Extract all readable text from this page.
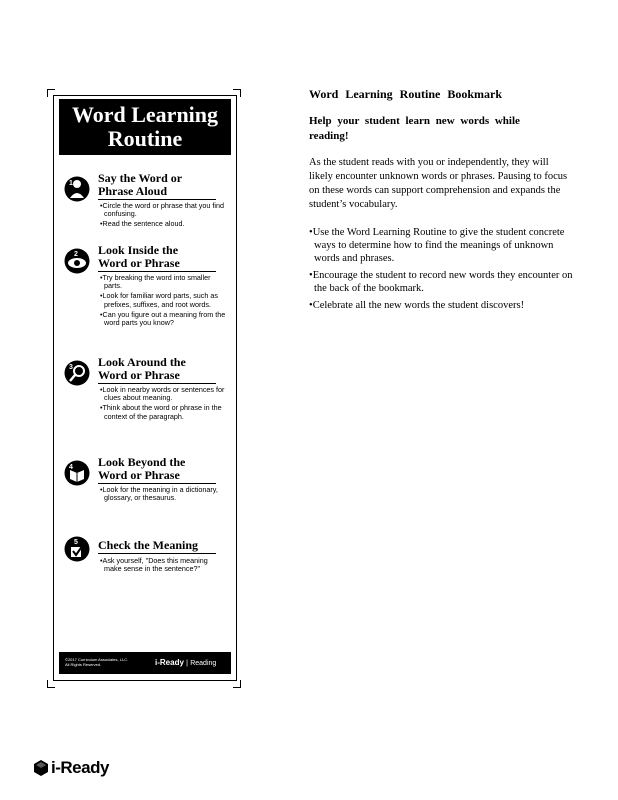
Word Learning
Routine
1 Say the Word or
Phrase Aloud
• Circle the word or phrase that you find confusing.
• Read the sentence aloud.
2 Look Inside the
Word or Phrase
• Try breaking the word into smaller parts.
• Look for familiar word parts, such as prefixes, suffixes, and root words.
• Can you figure out a meaning from the word parts you know?
3 Look Around the
Word or Phrase
• Look in nearby words or sentences for clues about meaning.
• Think about the word or phrase in the context of the paragraph.
4 Look Beyond the
Word or Phrase
• Look for the meaning in a dictionary, glossary, or thesaurus.
5 Check the Meaning
• Ask yourself, "Does this meaning make sense in the sentence?"
©2017 Curriculum Associates, LLC.
All Rights Reserved.	i-Ready | Reading

Word Learning Routine Bookmark

Help your student learn new words while reading!

As the student reads with you or independently, they will likely encounter unknown words or phrases. Pausing to focus on these words can support comprehension and expands the student’s vocabulary.

• Use the Word Learning Routine to give the student concrete ways to determine how to find the meanings of unknown words and phrases.
• Encourage the student to record new words they encounter on the back of the bookmark.
• Celebrate all the new words the student discovers!
i-Ready
